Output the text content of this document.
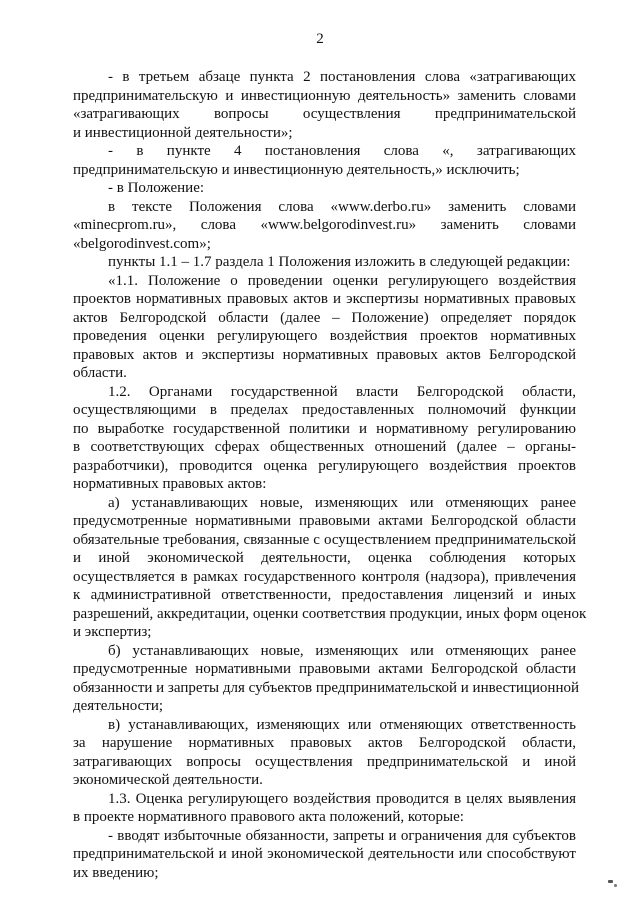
2
- в третьем абзаце пункта 2 постановления слова «затрагивающих
предпринимательскую и инвестиционную деятельность» заменить словами
«затрагивающих вопросы осуществления предпринимательской
и инвестиционной деятельности»;
- в пункте 4 постановления слова «, затрагивающих
предпринимательскую и инвестиционную деятельность,» исключить;
- в Положение:
в тексте Положения слова «www.derbo.ru» заменить словами
«minecprom.ru», слова «www.belgorodinvest.ru» заменить словами
«belgorodinvest.com»;
пункты 1.1 – 1.7 раздела 1 Положения изложить в следующей редакции:
«1.1. Положение о проведении оценки регулирующего воздействия
проектов нормативных правовых актов и экспертизы нормативных правовых
актов Белгородской области (далее – Положение) определяет порядок
проведения оценки регулирующего воздействия проектов нормативных
правовых актов и экспертизы нормативных правовых актов Белгородской
области.
1.2. Органами государственной власти Белгородской области,
осуществляющими в пределах предоставленных полномочий функции
по выработке государственной политики и нормативному регулированию
в соответствующих сферах общественных отношений (далее – органы-
разработчики), проводится оценка регулирующего воздействия проектов
нормативных правовых актов:
а) устанавливающих новые, изменяющих или отменяющих ранее
предусмотренные нормативными правовыми актами Белгородской области
обязательные требования, связанные с осуществлением предпринимательской
и иной экономической деятельности, оценка соблюдения которых
осуществляется в рамках государственного контроля (надзора), привлечения
к административной ответственности, предоставления лицензий и иных
разрешений, аккредитации, оценки соответствия продукции, иных форм оценок
и экспертиз;
б) устанавливающих новые, изменяющих или отменяющих ранее
предусмотренные нормативными правовыми актами Белгородской области
обязанности и запреты для субъектов предпринимательской и инвестиционной
деятельности;
в) устанавливающих, изменяющих или отменяющих ответственность
за нарушение нормативных правовых актов Белгородской области,
затрагивающих вопросы осуществления предпринимательской и иной
экономической деятельности.
1.3. Оценка регулирующего воздействия проводится в целях выявления
в проекте нормативного правового акта положений, которые:
- вводят избыточные обязанности, запреты и ограничения для субъектов
предпринимательской и иной экономической деятельности или способствуют
их введению;
